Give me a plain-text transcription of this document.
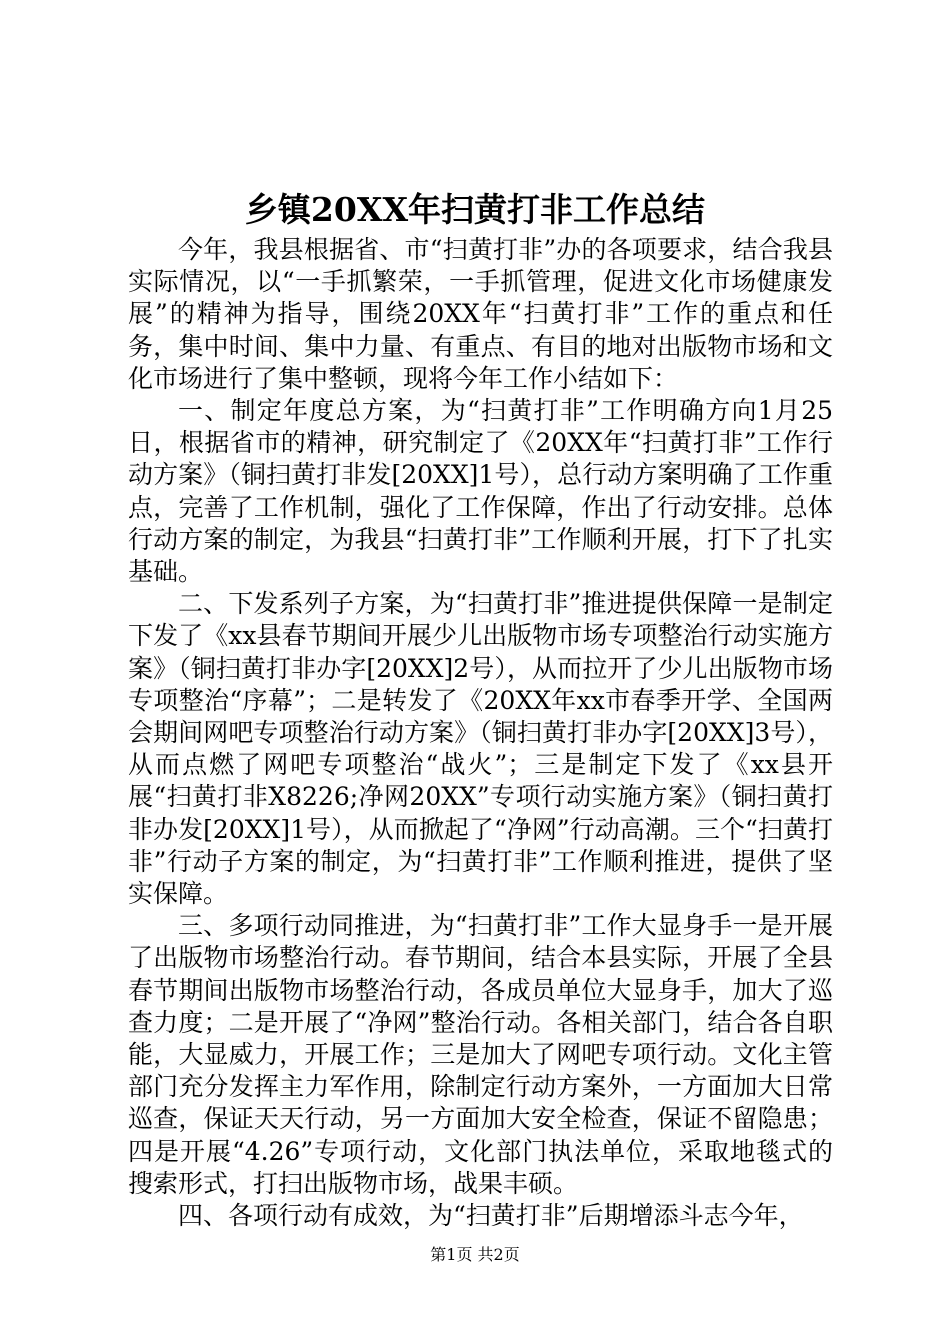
乡镇20XX年扫黄打非工作总结

今年，我县根据省、市“扫黄打非”办的各项要求，结合我县实际情况，以“一手抓繁荣，一手抓管理，促进文化市场健康发展”的精神为指导，围绕20XX年“扫黄打非”工作的重点和任务，集中时间、集中力量、有重点、有目的地对出版物市场和文化市场进行了集中整顿，现将今年工作小结如下：

一、制定年度总方案，为“扫黄打非”工作明确方向1月25日，根据省市的精神，研究制定了《20XX年“扫黄打非”工作行动方案》（铜扫黄打非发[20XX]1号），总行动方案明确了工作重点，完善了工作机制，强化了工作保障，作出了行动安排。总体行动方案的制定，为我县“扫黄打非”工作顺利开展，打下了扎实基础。

二、下发系列子方案，为“扫黄打非”推进提供保障一是制定下发了《xx县春节期间开展少儿出版物市场专项整治行动实施方案》（铜扫黄打非办字[20XX]2号），从而拉开了少儿出版物市场专项整治“序幕”；二是转发了《20XX年xx市春季开学、全国两会期间网吧专项整治行动方案》（铜扫黄打非办字[20XX]3号），从而点燃了网吧专项整治“战火”；三是制定下发了《xx县开展“扫黄打非X8226;净网20XX”专项行动实施方案》（铜扫黄打非办发[20XX]1号），从而掀起了“净网”行动高潮。三个“扫黄打非”行动子方案的制定，为“扫黄打非”工作顺利推进，提供了坚实保障。

三、多项行动同推进，为“扫黄打非”工作大显身手一是开展了出版物市场整治行动。春节期间，结合本县实际，开展了全县春节期间出版物市场整治行动，各成员单位大显身手，加大了巡查力度；二是开展了“净网”整治行动。各相关部门，结合各自职能，大显威力，开展工作；三是加大了网吧专项行动。文化主管部门充分发挥主力军作用，除制定行动方案外，一方面加大日常巡查，保证天天行动，另一方面加大安全检查，保证不留隐患；四是开展“4.26”专项行动，文化部门执法单位，采取地毯式的搜索形式，打扫出版物市场，战果丰硕。

四、各项行动有成效，为“扫黄打非”后期增添斗志今年，

第1页 共2页
